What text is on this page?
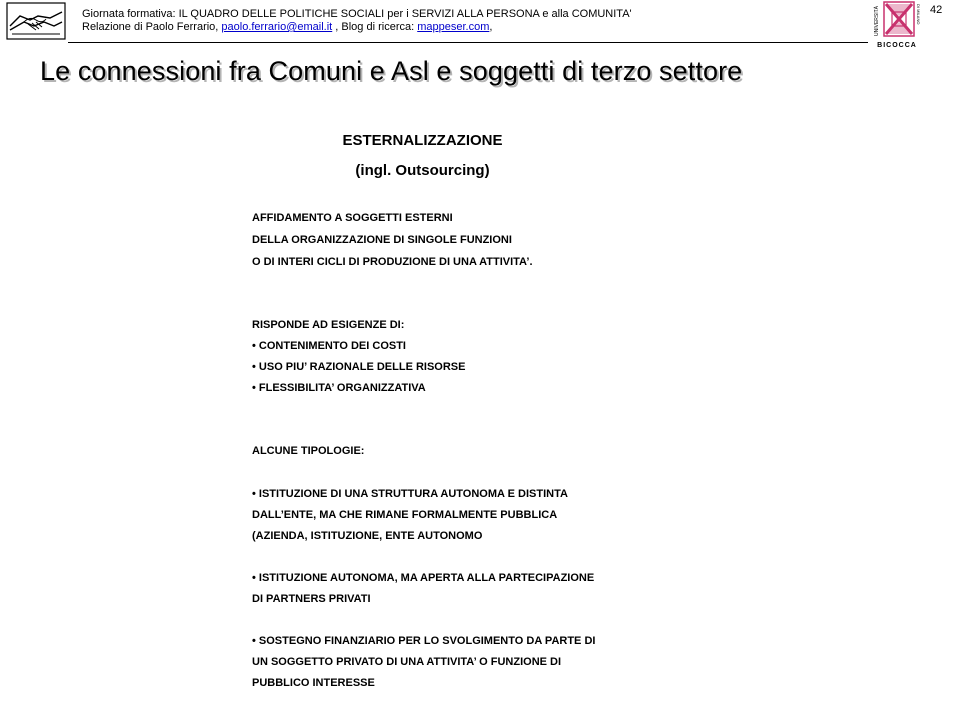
Giornata formativa: IL QUADRO DELLE POLITICHE SOCIALI per i SERVIZI ALLA PERSONA e alla COMUNITA'
Relazione di Paolo Ferrario, paolo.ferrario@email.it , Blog di ricerca: mappeser.com,	UNIVERSITÀ	DI MILANO
BICOCCA
42
Le connessioni fra Comuni e Asl e soggetti di terzo settore
ESTERNALIZZAZIONE
(ingl. Outsourcing)
AFFIDAMENTO A SOGGETTI ESTERNI
DELLA ORGANIZZAZIONE DI SINGOLE FUNZIONI
O DI INTERI CICLI DI PRODUZIONE DI UNA ATTIVITA’.
RISPONDE AD ESIGENZE DI:
• CONTENIMENTO DEI COSTI
• USO PIU’ RAZIONALE DELLE RISORSE
• FLESSIBILITA’ ORGANIZZATIVA
ALCUNE TIPOLOGIE:
• ISTITUZIONE DI UNA STRUTTURA AUTONOMA E DISTINTA
DALL’ENTE, MA CHE RIMANE FORMALMENTE PUBBLICA
(AZIENDA, ISTITUZIONE, ENTE AUTONOMO
• ISTITUZIONE AUTONOMA, MA APERTA ALLA PARTECIPAZIONE
DI PARTNERS PRIVATI
• SOSTEGNO FINANZIARIO PER LO SVOLGIMENTO DA PARTE DI
UN SOGGETTO PRIVATO DI UNA ATTIVITA’ O FUNZIONE DI
PUBBLICO INTERESSE
